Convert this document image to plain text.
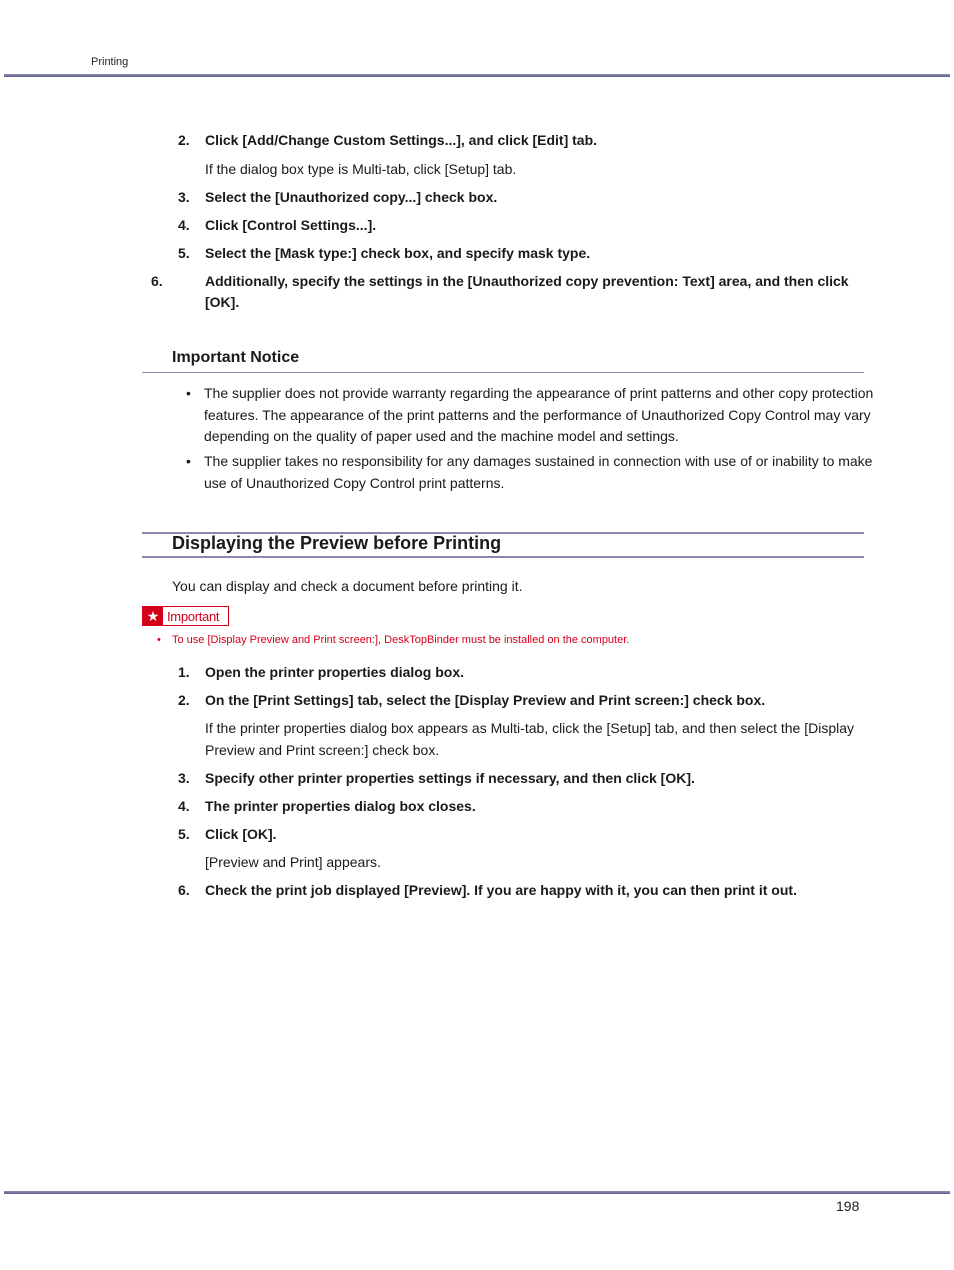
Printing
2. Click [Add/Change Custom Settings...], and click [Edit] tab.
If the dialog box type is Multi-tab, click [Setup] tab.
3. Select the [Unauthorized copy...] check box.
4. Click [Control Settings...].
5. Select the [Mask type:] check box, and specify mask type.
6.	Additionally, specify the settings in the [Unauthorized copy prevention: Text] area, and then click [OK].
Important Notice
• The supplier does not provide warranty regarding the appearance of print patterns and other copy protection features. The appearance of the print patterns and the performance of Unauthorized Copy Control may vary depending on the quality of paper used and the machine model and settings.
• The supplier takes no responsibility for any damages sustained in connection with use of or inability to make use of Unauthorized Copy Control print patterns.
Displaying the Preview before Printing
You can display and check a document before printing it.
★ Important
• To use [Display Preview and Print screen:], DeskTopBinder must be installed on the computer.
1. Open the printer properties dialog box.
2. On the [Print Settings] tab, select the [Display Preview and Print screen:] check box.
If the printer properties dialog box appears as Multi-tab, click the [Setup] tab, and then select the [Display Preview and Print screen:] check box.
3. Specify other printer properties settings if necessary, and then click [OK].
4. The printer properties dialog box closes.
5. Click [OK].
[Preview and Print] appears.
6. Check the print job displayed [Preview]. If you are happy with it, you can then print it out.
198
